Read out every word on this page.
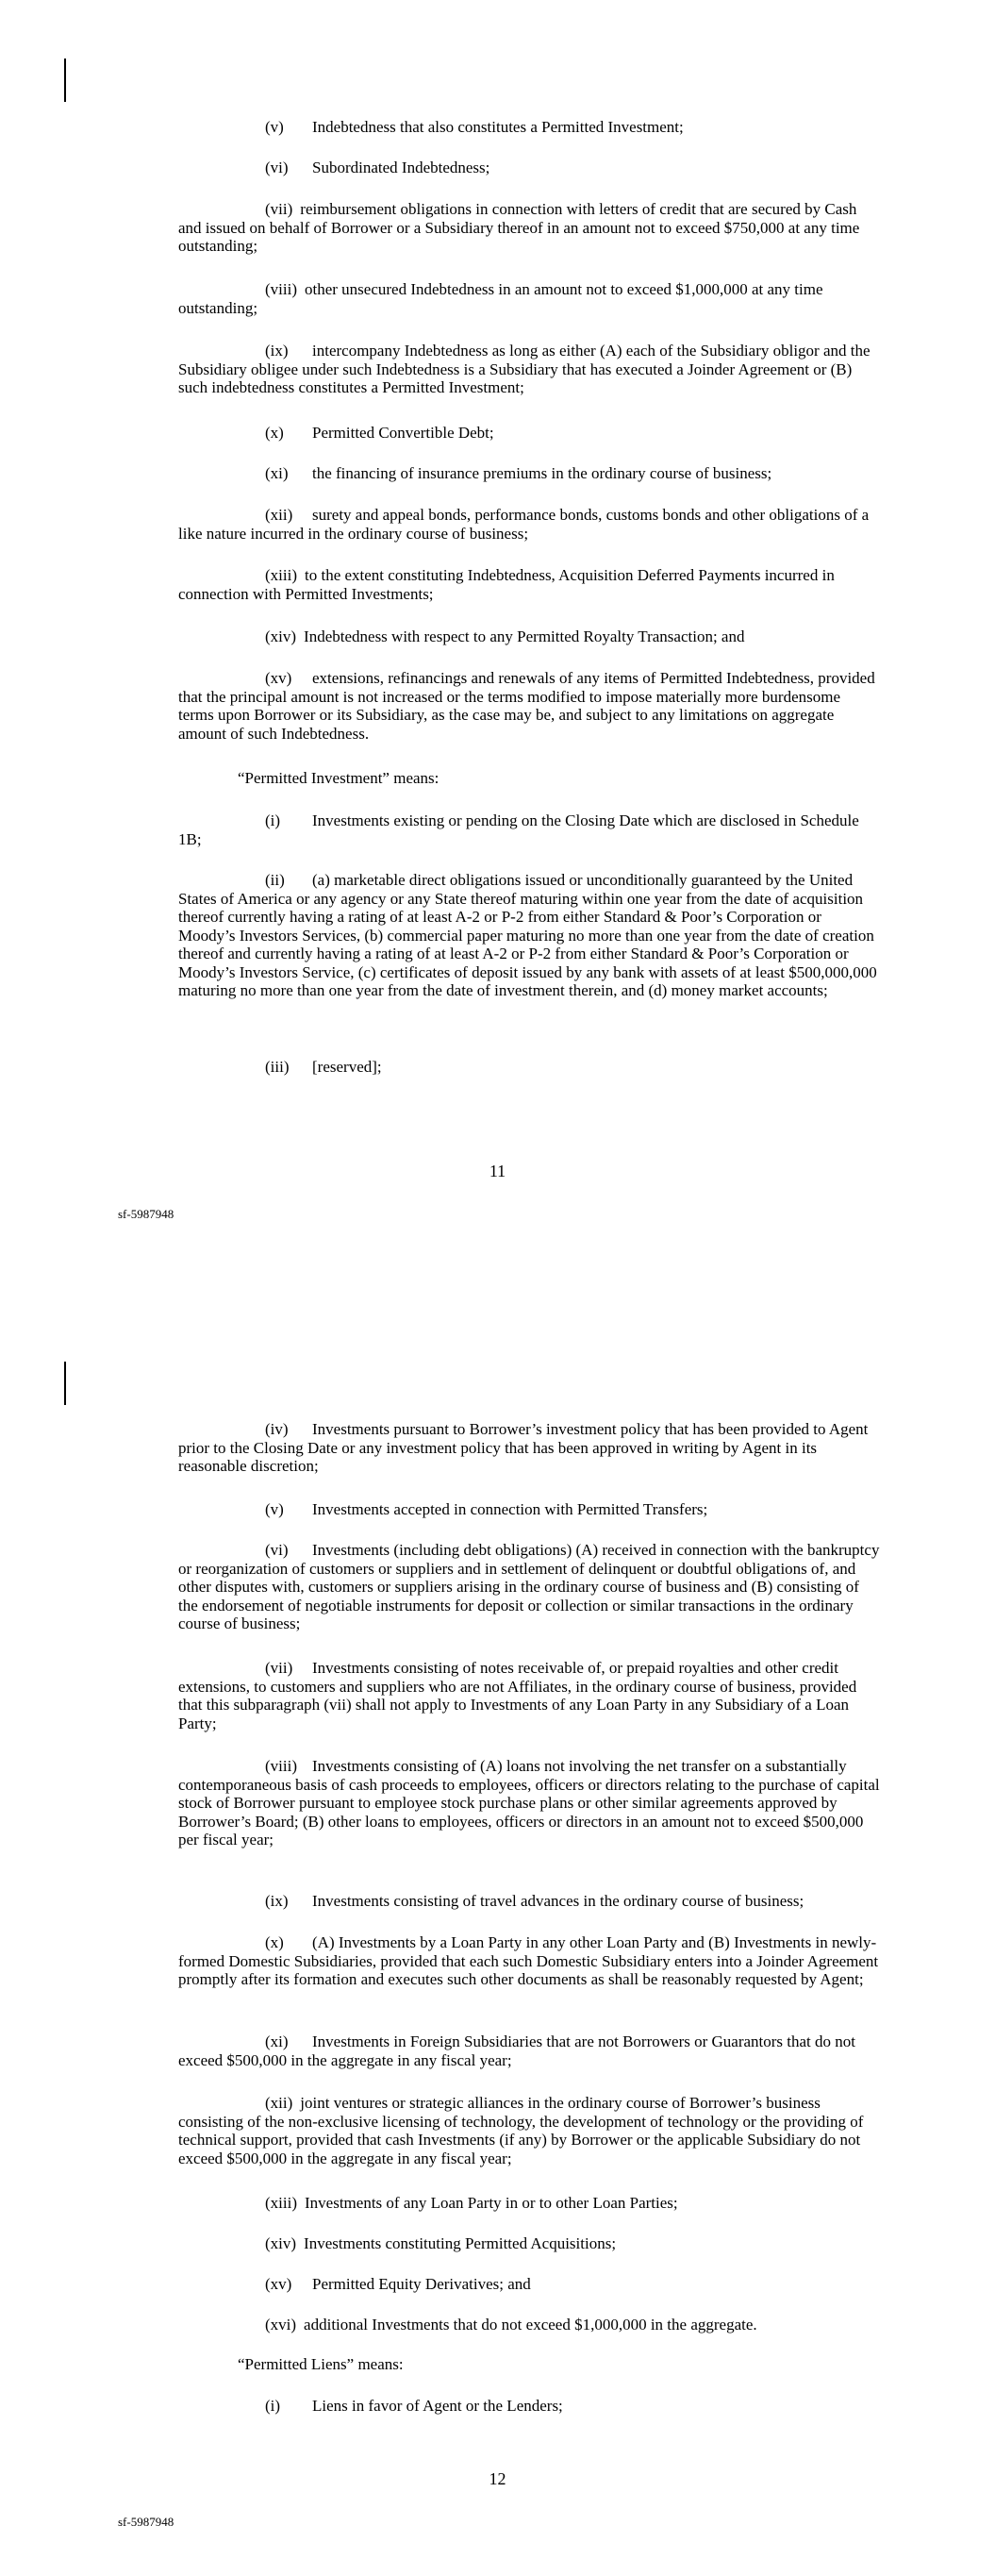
(v) Indebtedness that also constitutes a Permitted Investment;

(vi) Subordinated Indebtedness;

(vii) reimbursement obligations in connection with letters of credit that are secured by Cash and issued on behalf of Borrower or a Subsidiary thereof in an amount not to exceed $750,000 at any time outstanding;

(viii) other unsecured Indebtedness in an amount not to exceed $1,000,000 at any time outstanding;

(ix) intercompany Indebtedness as long as either (A) each of the Subsidiary obligor and the Subsidiary obligee under such Indebtedness is a Subsidiary that has executed a Joinder Agreement or (B) such indebtedness constitutes a Permitted Investment;

(x) Permitted Convertible Debt;

(xi) the financing of insurance premiums in the ordinary course of business;

(xii) surety and appeal bonds, performance bonds, customs bonds and other obligations of a like nature incurred in the ordinary course of business;

(xiii) to the extent constituting Indebtedness, Acquisition Deferred Payments incurred in connection with Permitted Investments;

(xiv) Indebtedness with respect to any Permitted Royalty Transaction; and

(xv) extensions, refinancings and renewals of any items of Permitted Indebtedness, provided that the principal amount is not increased or the terms modified to impose materially more burdensome terms upon Borrower or its Subsidiary, as the case may be, and subject to any limitations on aggregate amount of such Indebtedness.

“Permitted Investment” means:

(i) Investments existing or pending on the Closing Date which are disclosed in Schedule 1B;

(ii) (a) marketable direct obligations issued or unconditionally guaranteed by the United States of America or any agency or any State thereof maturing within one year from the date of acquisition thereof currently having a rating of at least A-2 or P-2 from either Standard & Poor’s Corporation or Moody’s Investors Services, (b) commercial paper maturing no more than one year from the date of creation thereof and currently having a rating of at least A-2 or P-2 from either Standard & Poor’s Corporation or Moody’s Investors Service, (c) certificates of deposit issued by any bank with assets of at least $500,000,000 maturing no more than one year from the date of investment therein, and (d) money market accounts;

(iii) [reserved];

11
sf-5987948

(iv) Investments pursuant to Borrower’s investment policy that has been provided to Agent prior to the Closing Date or any investment policy that has been approved in writing by Agent in its reasonable discretion;

(v) Investments accepted in connection with Permitted Transfers;

(vi) Investments (including debt obligations) (A) received in connection with the bankruptcy or reorganization of customers or suppliers and in settlement of delinquent or doubtful obligations of, and other disputes with, customers or suppliers arising in the ordinary course of business and (B) consisting of the endorsement of negotiable instruments for deposit or collection or similar transactions in the ordinary course of business;

(vii) Investments consisting of notes receivable of, or prepaid royalties and other credit extensions, to customers and suppliers who are not Affiliates, in the ordinary course of business, provided that this subparagraph (vii) shall not apply to Investments of any Loan Party in any Subsidiary of a Loan Party;

(viii) Investments consisting of (A) loans not involving the net transfer on a substantially contemporaneous basis of cash proceeds to employees, officers or directors relating to the purchase of capital stock of Borrower pursuant to employee stock purchase plans or other similar agreements approved by Borrower’s Board; (B) other loans to employees, officers or directors in an amount not to exceed $500,000 per fiscal year;

(ix) Investments consisting of travel advances in the ordinary course of business;

(x) (A) Investments by a Loan Party in any other Loan Party and (B) Investments in newly-formed Domestic Subsidiaries, provided that each such Domestic Subsidiary enters into a Joinder Agreement promptly after its formation and executes such other documents as shall be reasonably requested by Agent;

(xi) Investments in Foreign Subsidiaries that are not Borrowers or Guarantors that do not exceed $500,000 in the aggregate in any fiscal year;

(xii) joint ventures or strategic alliances in the ordinary course of Borrower’s business consisting of the non-exclusive licensing of technology, the development of technology or the providing of technical support, provided that cash Investments (if any) by Borrower or the applicable Subsidiary do not exceed $500,000 in the aggregate in any fiscal year;

(xiii) Investments of any Loan Party in or to other Loan Parties;

(xiv) Investments constituting Permitted Acquisitions;

(xv) Permitted Equity Derivatives; and

(xvi) additional Investments that do not exceed $1,000,000 in the aggregate.

“Permitted Liens” means:

(i) Liens in favor of Agent or the Lenders;

12
sf-5987948
